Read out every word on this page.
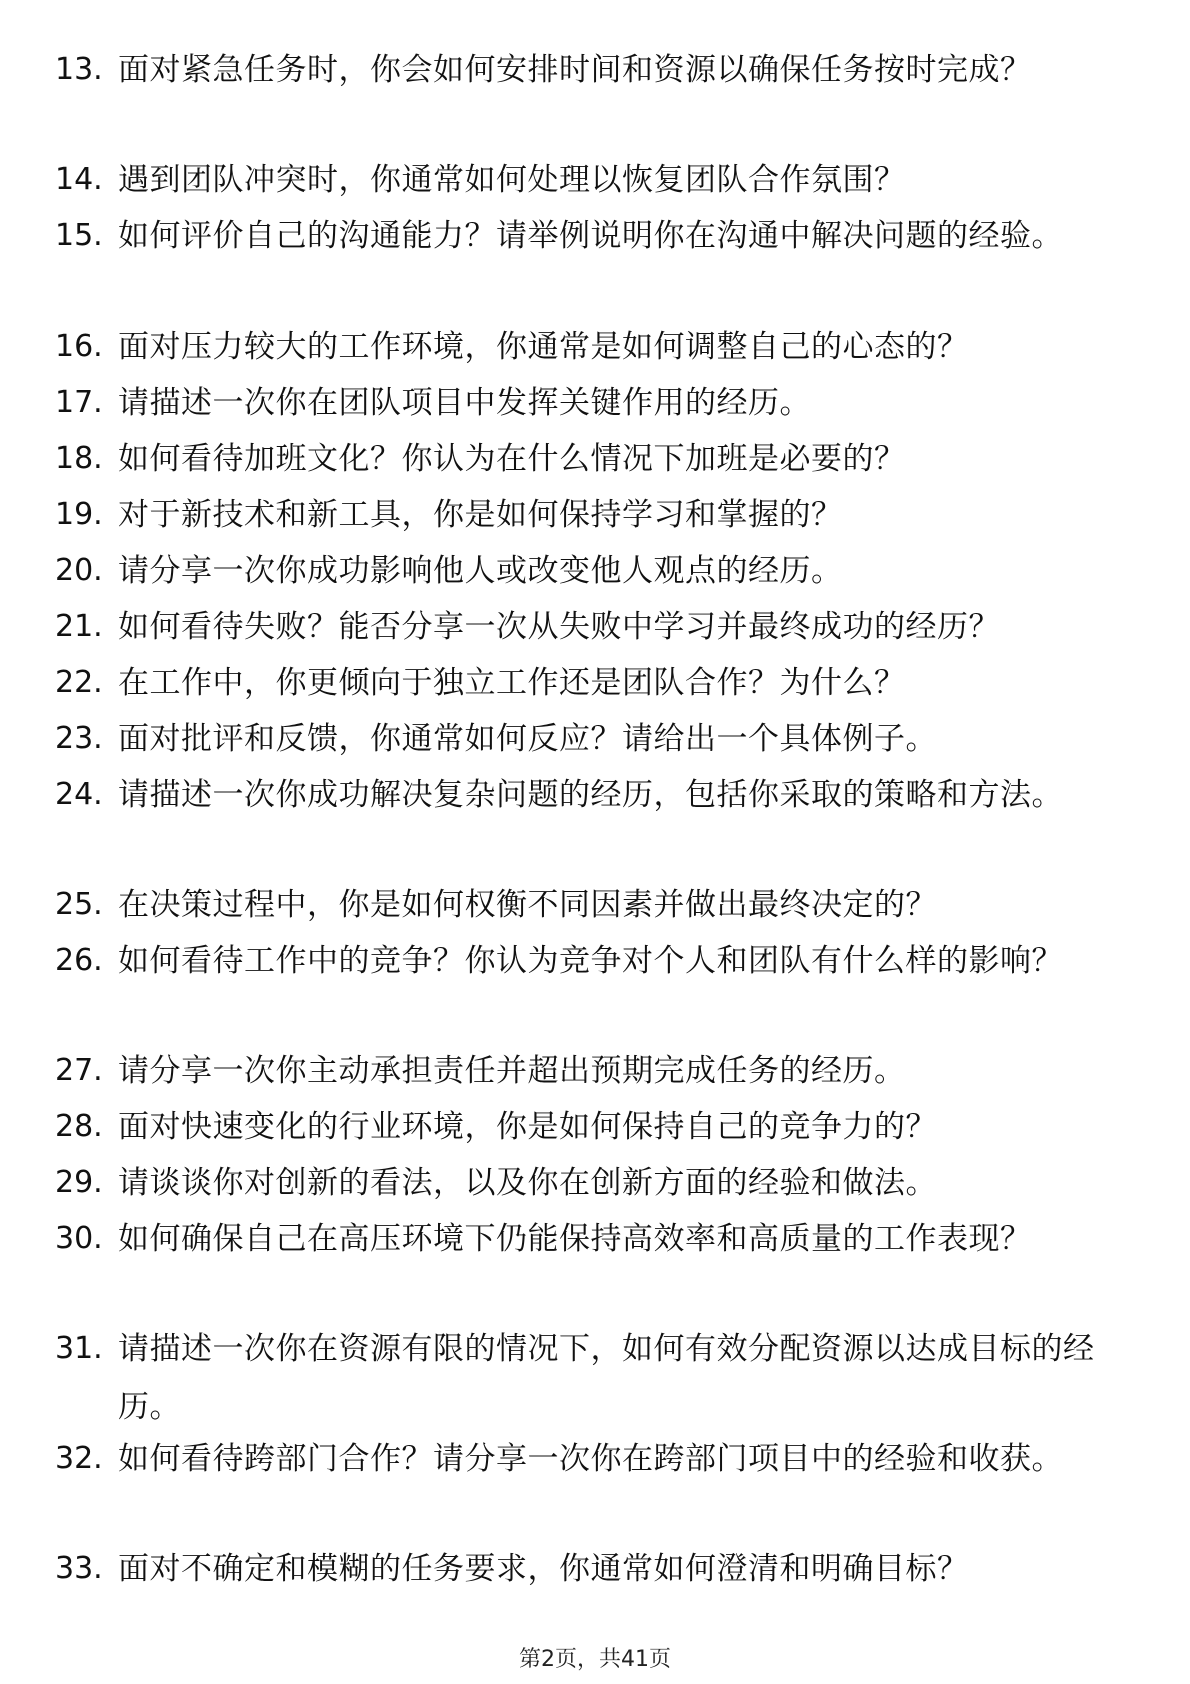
13. 面对紧急任务时，你会如何安排时间和资源以确保任务按时完成？
14. 遇到团队冲突时，你通常如何处理以恢复团队合作氛围？
15. 如何评价自己的沟通能力？请举例说明你在沟通中解决问题的经验。
16. 面对压力较大的工作环境，你通常是如何调整自己的心态的？
17. 请描述一次你在团队项目中发挥关键作用的经历。
18. 如何看待加班文化？你认为在什么情况下加班是必要的？
19. 对于新技术和新工具，你是如何保持学习和掌握的？
20. 请分享一次你成功影响他人或改变他人观点的经历。
21. 如何看待失败？能否分享一次从失败中学习并最终成功的经历？
22. 在工作中，你更倾向于独立工作还是团队合作？为什么？
23. 面对批评和反馈，你通常如何反应？请给出一个具体例子。
24. 请描述一次你成功解决复杂问题的经历，包括你采取的策略和方法。
25. 在决策过程中，你是如何权衡不同因素并做出最终决定的？
26. 如何看待工作中的竞争？你认为竞争对个人和团队有什么样的影响？
27. 请分享一次你主动承担责任并超出预期完成任务的经历。
28. 面对快速变化的行业环境，你是如何保持自己的竞争力的？
29. 请谈谈你对创新的看法，以及你在创新方面的经验和做法。
30. 如何确保自己在高压环境下仍能保持高效率和高质量的工作表现？
31. 请描述一次你在资源有限的情况下，如何有效分配资源以达成目标的经历。
32. 如何看待跨部门合作？请分享一次你在跨部门项目中的经验和收获。
33. 面对不确定和模糊的任务要求，你通常如何澄清和明确目标？
第2页，共41页
